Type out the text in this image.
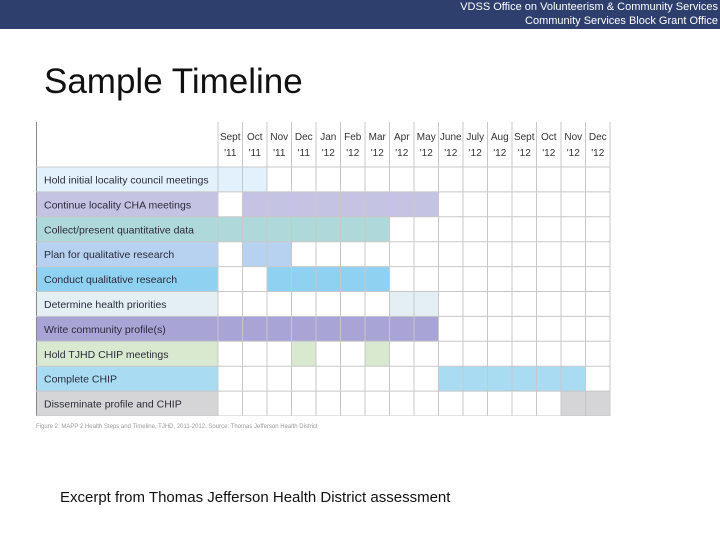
VDSS Office on Volunteerism & Community Services
Community Services Block Grant Office
Sample Timeline
Sept
'11
Oct
'11
Nov
'11
Dec
'11
Jan
'12
Feb
'12
Mar
'12
Apr
'12
May
'12
June
'12
July
'12
Aug
'12
Sept
'12
Oct
'12
Nov
'12
Dec
'12
Hold initial locality council meetings
Continue locality CHA meetings
Collect/present quantitative data
Plan for qualitative research
Conduct qualitative research
Determine health priorities
Write community profile(s)
Hold TJHD CHIP meetings
Complete CHIP
Disseminate profile and CHIP
Figure 2: MAPP 2 Health Steps and Timeline, TJHD, 2011-2012. Source: Thomas Jefferson Health District
Excerpt from Thomas Jefferson Health District assessment
